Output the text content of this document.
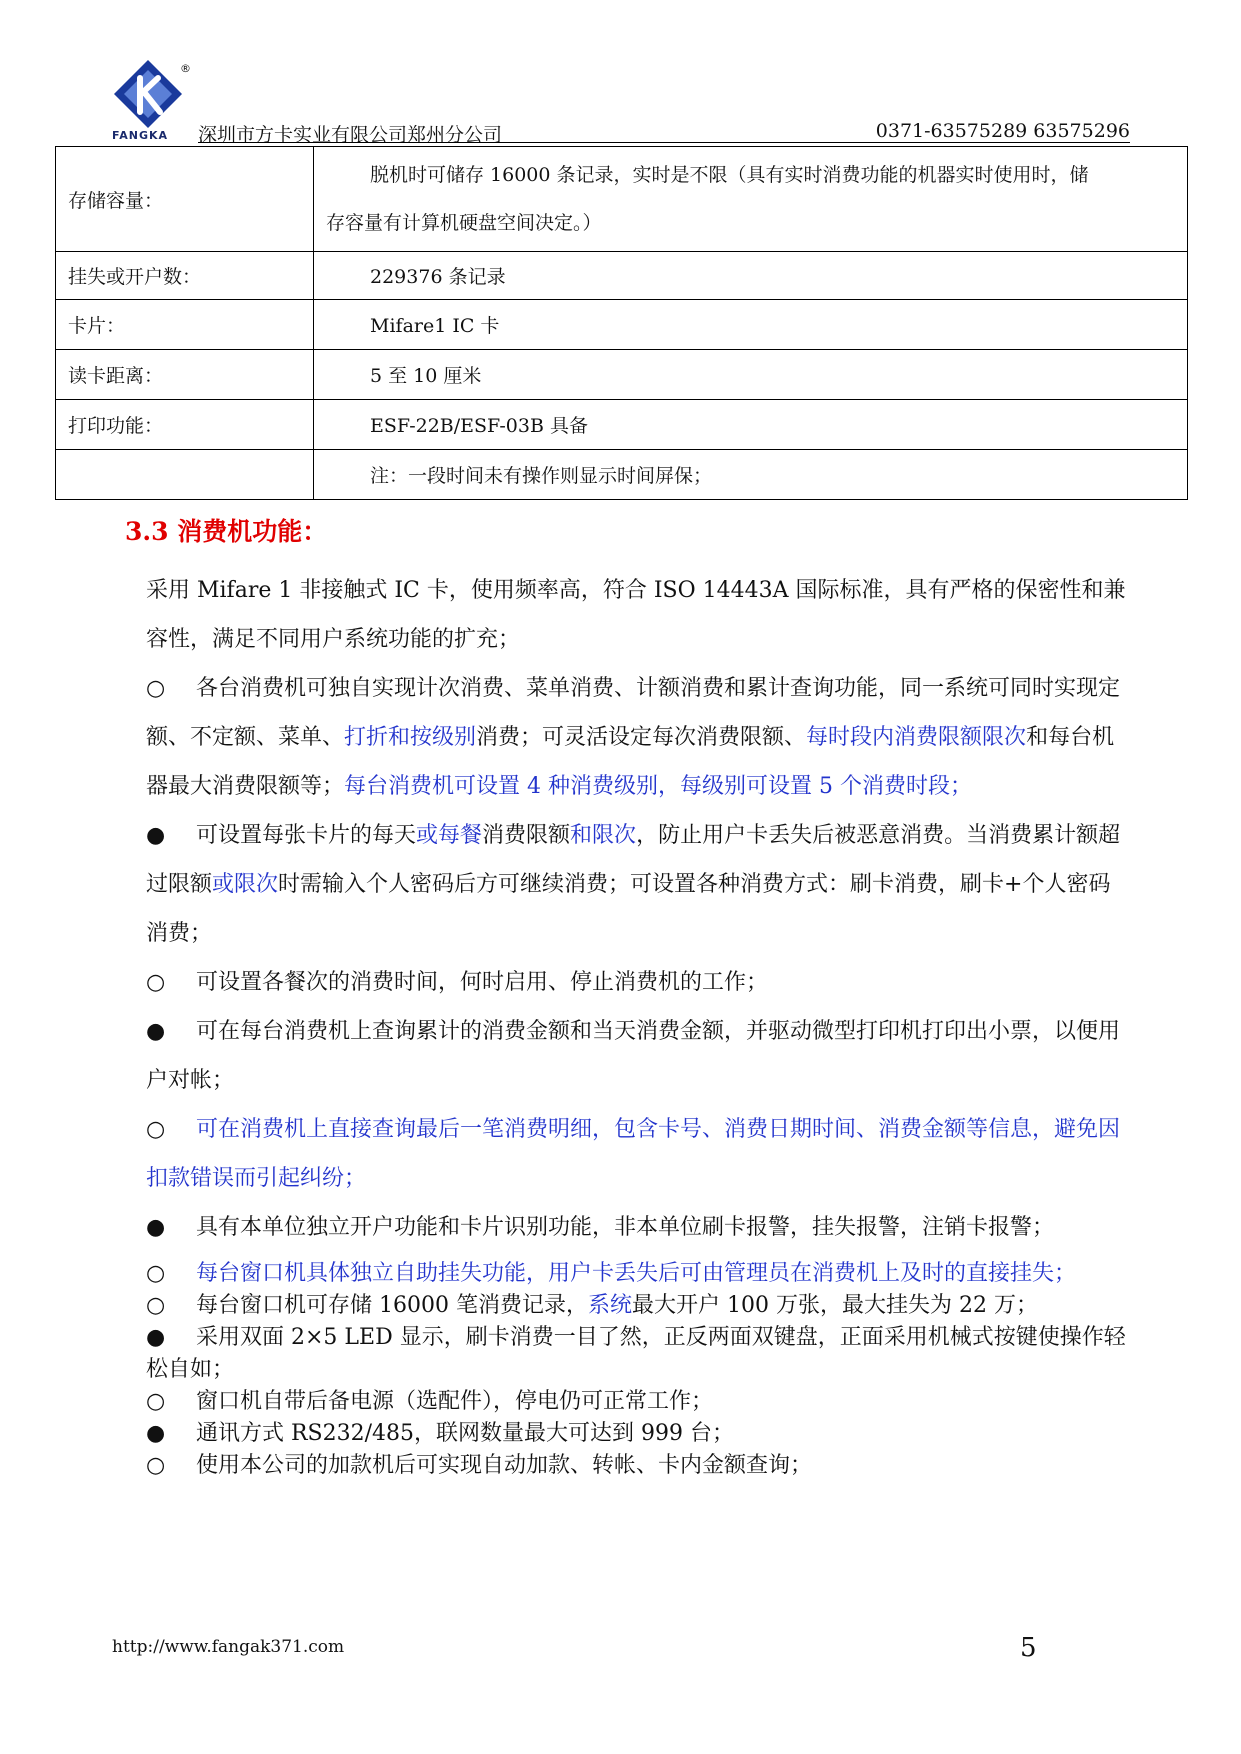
®
FANGKA 深圳市方卡实业有限公司郑州分公司	0371-63575289 63575296
存储容量：	脱机时可储存 16000 条记录，实时是不限（具有实时消费功能的机器实时使用时，储
存容量有计算机硬盘空间决定。）

挂失或开户数：	229376 条记录
卡片：	Mifare1 IC 卡
读卡距离：	5 至 10 厘米
打印功能：	ESF-22B/ESF-03B 具备
	注：一段时间未有操作则显示时间屏保；
3.3 消费机功能：

采用 Mifare 1 非接触式 IC 卡，使用频率高，符合 ISO 14443A 国际标准，具有严格的保密性和兼容性，满足不同用户系统功能的扩充；

○ 各台消费机可独自实现计次消费、菜单消费、计额消费和累计查询功能，同一系统可同时实现定额、不定额、菜单、打折和按级别消费；可灵活设定每次消费限额、每时段内消费限额限次和每台机器最大消费限额等；每台消费机可设置 4 种消费级别，每级别可设置 5 个消费时段；

● 可设置每张卡片的每天或每餐消费限额和限次，防止用户卡丢失后被恶意消费。当消费累计额超过限额或限次时需输入个人密码后方可继续消费；可设置各种消费方式：刷卡消费，刷卡+个人密码消费；

○ 可设置各餐次的消费时间，何时启用、停止消费机的工作；

● 可在每台消费机上查询累计的消费金额和当天消费金额，并驱动微型打印机打印出小票，以便用户对帐；

○ 可在消费机上直接查询最后一笔消费明细，包含卡号、消费日期时间、消费金额等信息，避免因扣款错误而引起纠纷；

● 具有本单位独立开户功能和卡片识别功能，非本单位刷卡报警，挂失报警，注销卡报警；

○ 每台窗口机具体独立自助挂失功能，用户卡丢失后可由管理员在消费机上及时的直接挂失；

○ 每台窗口机可存储 16000 笔消费记录，系统最大开户 100 万张，最大挂失为 22 万；

● 采用双面 2×5 LED 显示，刷卡消费一目了然，正反两面双键盘，正面采用机械式按键使操作轻松自如；

○ 窗口机自带后备电源（选配件），停电仍可正常工作；

● 通讯方式 RS232/485，联网数量最大可达到 999 台；

○ 使用本公司的加款机后可实现自动加款、转帐、卡内金额查询；

http://www.fangak371.com	5
